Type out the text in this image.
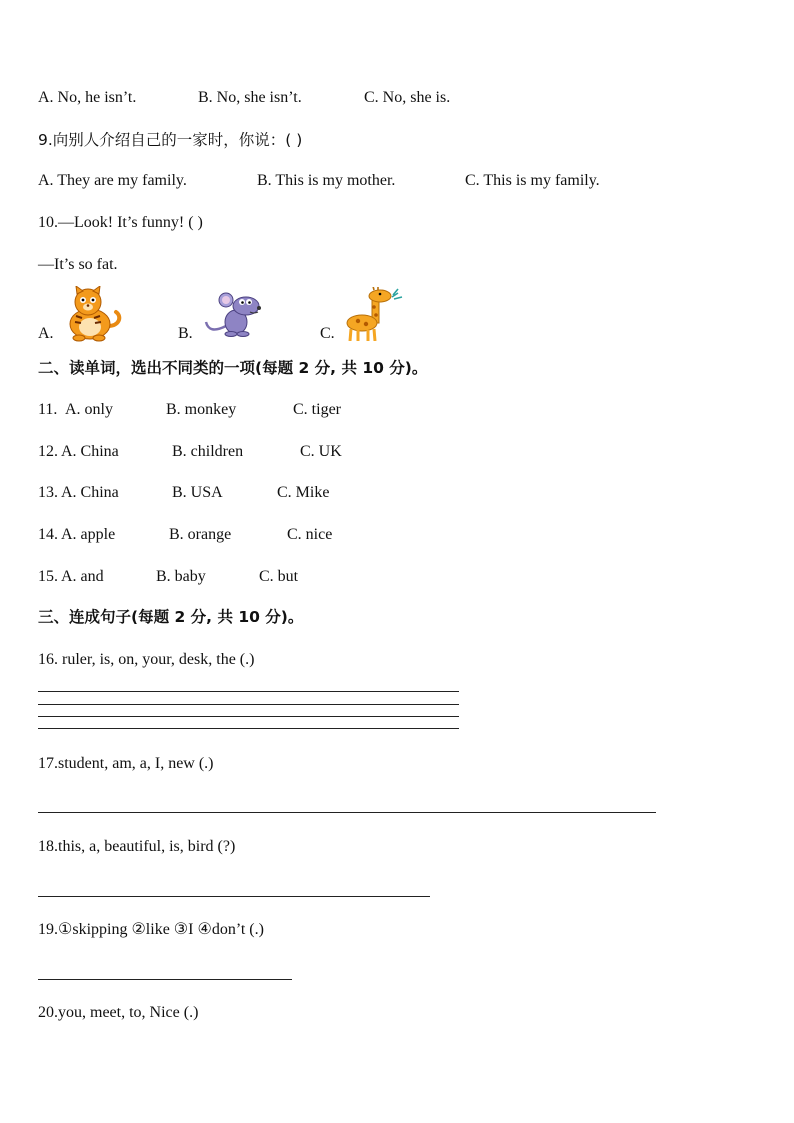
A. No, he isn’t.	B. No, she isn’t.	C. No, she is.
9.向别人介绍自己的一家时，你说：( )
A. They are my family.	B. This is my mother.	C. This is my family.
10.—Look! It’s funny! ( )
—It’s so fat.
A.	B.	C.
二、读单词，选出不同类的一项(每题 2 分, 共 10 分)。
11. A. only	B. monkey	C. tiger
12. A. China	B. children	C. UK
13. A. China	B. USA	C. Mike
14. A. apple	B. orange	C. nice
15. A. and	B. baby	C. but
三、连成句子(每题 2 分, 共 10 分)。
16. ruler, is, on, your, desk, the (.)
17.student, am, a, I, new (.)
18.this, a, beautiful, is, bird (?)
19.①skipping ②like ③I ④don’t (.)
20.you, meet, to, Nice (.)
